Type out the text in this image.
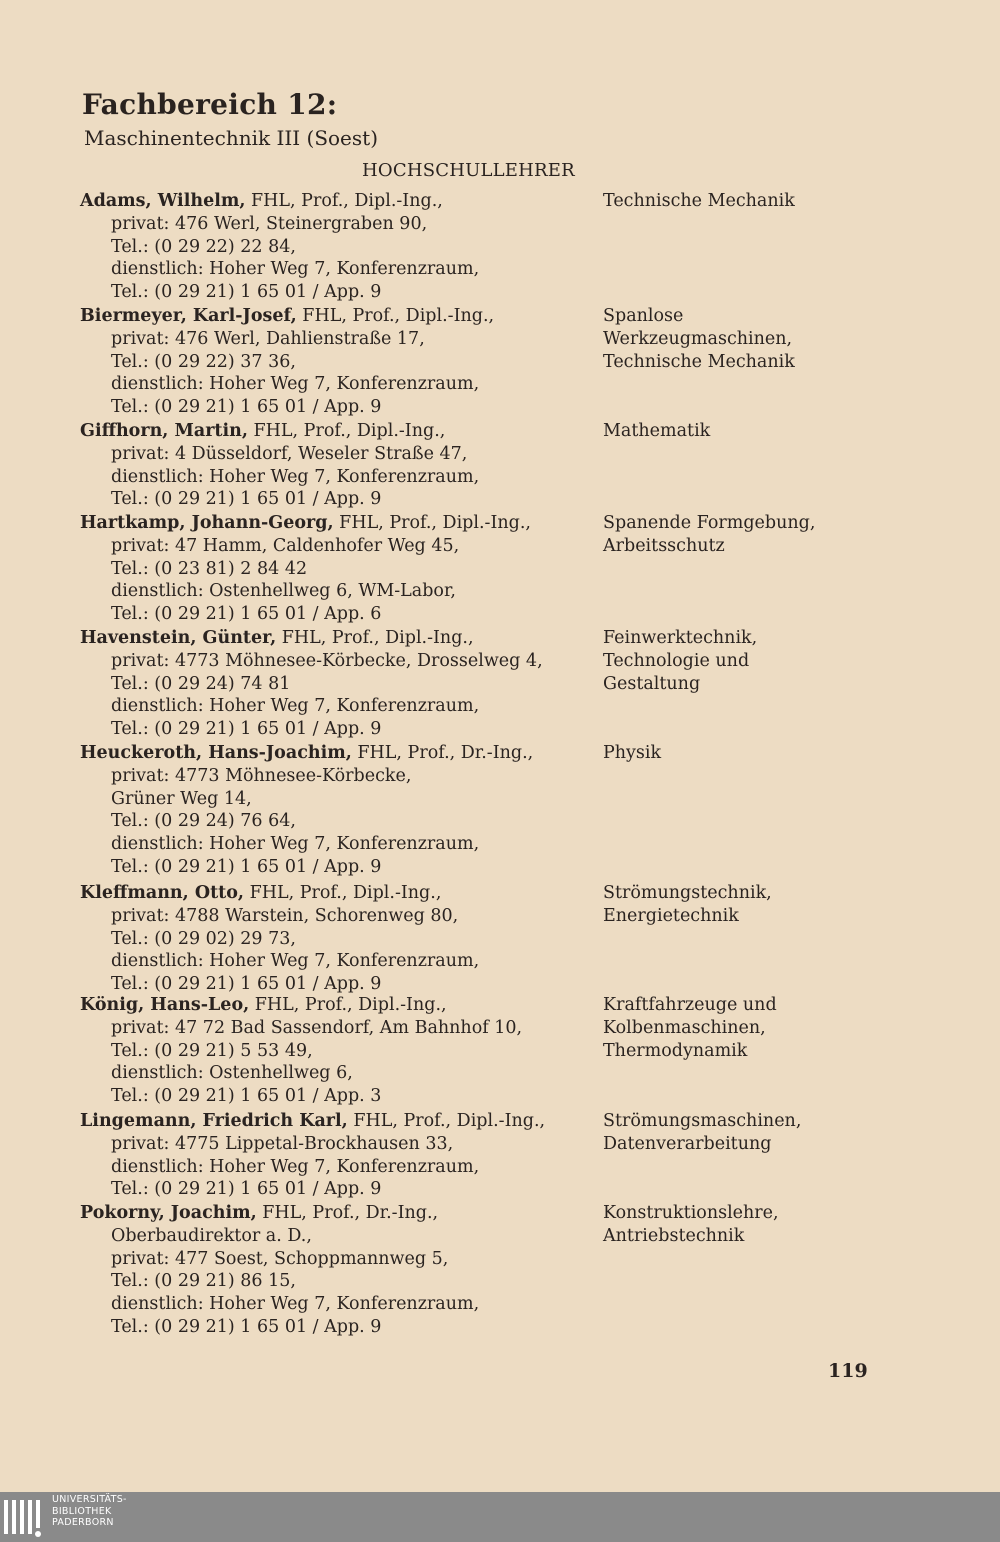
Fachbereich 12:
Maschinentechnik III (Soest)
HOCHSCHULLEHRER
Adams, Wilhelm, FHL, Prof., Dipl.-Ing.,
privat: 476 Werl, Steinergraben 90,
Tel.: (0 29 22) 22 84,
dienstlich: Hoher Weg 7, Konferenzraum,
Tel.: (0 29 21) 1 65 01 / App. 9
Technische Mechanik
Biermeyer, Karl-Josef, FHL, Prof., Dipl.-Ing.,
privat: 476 Werl, Dahlienstraße 17,
Tel.: (0 29 22) 37 36,
dienstlich: Hoher Weg 7, Konferenzraum,
Tel.: (0 29 21) 1 65 01 / App. 9
Spanlose
Werkzeugmaschinen,
Technische Mechanik
Giffhorn, Martin, FHL, Prof., Dipl.-Ing.,
privat: 4 Düsseldorf, Weseler Straße 47,
dienstlich: Hoher Weg 7, Konferenzraum,
Tel.: (0 29 21) 1 65 01 / App. 9
Mathematik
Hartkamp, Johann-Georg, FHL, Prof., Dipl.-Ing.,
privat: 47 Hamm, Caldenhofer Weg 45,
Tel.: (0 23 81) 2 84 42
dienstlich: Ostenhellweg 6, WM-Labor,
Tel.: (0 29 21) 1 65 01 / App. 6
Spanende Formgebung,
Arbeitsschutz
Havenstein, Günter, FHL, Prof., Dipl.-Ing.,
privat: 4773 Möhnesee-Körbecke, Drosselweg 4,
Tel.: (0 29 24) 74 81
dienstlich: Hoher Weg 7, Konferenzraum,
Tel.: (0 29 21) 1 65 01 / App. 9
Feinwerktechnik,
Technologie und
Gestaltung
Heuckeroth, Hans-Joachim, FHL, Prof., Dr.-Ing.,
privat: 4773 Möhnesee-Körbecke,
Grüner Weg 14,
Tel.: (0 29 24) 76 64,
dienstlich: Hoher Weg 7, Konferenzraum,
Tel.: (0 29 21) 1 65 01 / App. 9
Physik
Kleffmann, Otto, FHL, Prof., Dipl.-Ing.,
privat: 4788 Warstein, Schorenweg 80,
Tel.: (0 29 02) 29 73,
dienstlich: Hoher Weg 7, Konferenzraum,
Tel.: (0 29 21) 1 65 01 / App. 9
Strömungstechnik,
Energietechnik
König, Hans-Leo, FHL, Prof., Dipl.-Ing.,
privat: 47 72 Bad Sassendorf, Am Bahnhof 10,
Tel.: (0 29 21) 5 53 49,
dienstlich: Ostenhellweg 6,
Tel.: (0 29 21) 1 65 01 / App. 3
Kraftfahrzeuge und
Kolbenmaschinen,
Thermodynamik
Lingemann, Friedrich Karl, FHL, Prof., Dipl.-Ing.,
privat: 4775 Lippetal-Brockhausen 33,
dienstlich: Hoher Weg 7, Konferenzraum,
Tel.: (0 29 21) 1 65 01 / App. 9
Strömungsmaschinen,
Datenverarbeitung
Pokorny, Joachim, FHL, Prof., Dr.-Ing.,
Oberbaudirektor a. D.,
privat: 477 Soest, Schoppmannweg 5,
Tel.: (0 29 21) 86 15,
dienstlich: Hoher Weg 7, Konferenzraum,
Tel.: (0 29 21) 1 65 01 / App. 9
Konstruktionslehre,
Antriebstechnik
119
UNIVERSITÄTS-
BIBLIOTHEK
PADERBORN
